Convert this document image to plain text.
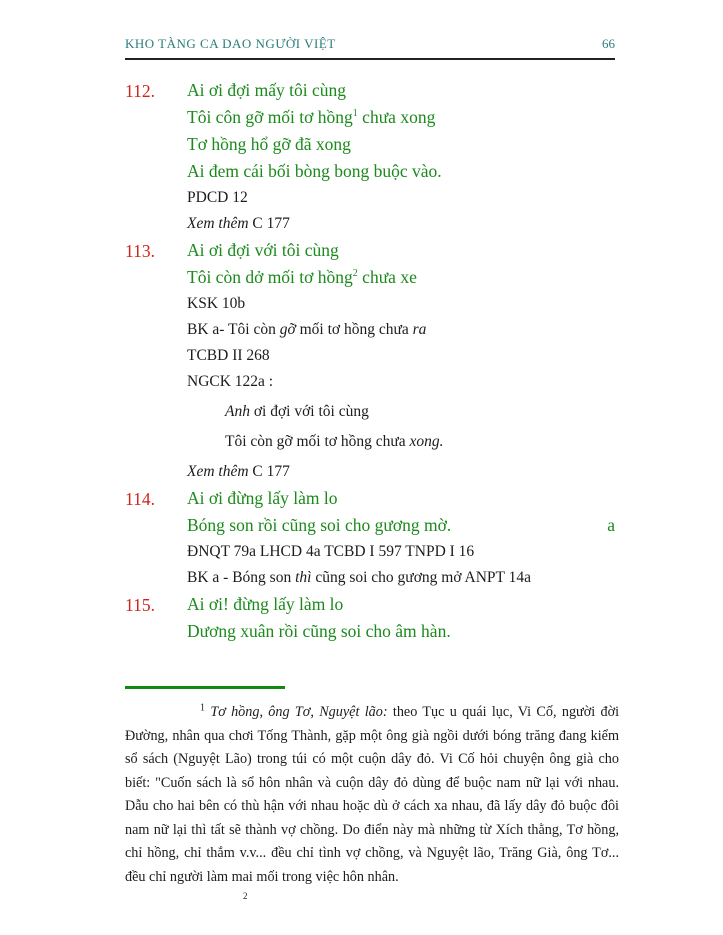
KHO TÀNG CA DAO NGƯỜI VIỆT	66
112.	Ai ơi đợi mấy tôi cùng

Tôi côn gỡ mối tơ hồng$^1$ chưa xong

Tơ hồng hổ gỡ đã xong

Ai đem cái bối bòng bong buộc vào.

PDCD 12

Xem thêm C 177

113.	Ai ơi đợi với tôi cùng

Tôi còn dở mối tơ hồng$^2$ chưa xe

KSK 10b

BK a- Tôi còn gỡ mối tơ hồng chưa ra

TCBD II 268

NGCK 122a :

Anh ơi đợi với tôi cùng

Tôi còn gỡ mối tơ hồng chưa xong.

Xem thêm C 177

114.	Ai ơi đừng lấy làm lo

Bóng son rồi cũng soi cho gương mờ.	a

ĐNQT 79a LHCD 4a TCBD I 597 TNPD I 16

BK a - Bóng son thì cũng soi cho gương mở ANPT 14a

115.	Ai ơi! đừng lấy làm lo

Dương xuân rồi cũng soi cho âm hàn.

$^1$ Tơ hồng, ông Tơ, Nguyệt lão: theo Tục u quái lục, Vi Cố, người đời Đường, nhân qua chơi Tống Thành, gặp một ông già ngồi dưới bóng trăng đang kiểm sổ sách (Nguyệt Lão) trong túi có một cuộn dây đỏ. Vi Cố hỏi chuyện ông già cho biết: "Cuốn sách là sổ hôn nhân và cuộn dây đỏ dùng để buộc nam nữ lại với nhau. Dẫu cho hai bên có thù hận với nhau hoặc dù ở cách xa nhau, đã lấy dây đỏ buộc đôi nam nữ lại thì tất sẽ thành vợ chồng. Do điển này mà những từ Xích thằng, Tơ hồng, chỉ hồng, chỉ thắm v.v... đều chỉ tình vợ chồng, và Nguyệt lão, Trăng Già, ông Tơ... đều chỉ người làm mai mối trong việc hôn nhân.

2
